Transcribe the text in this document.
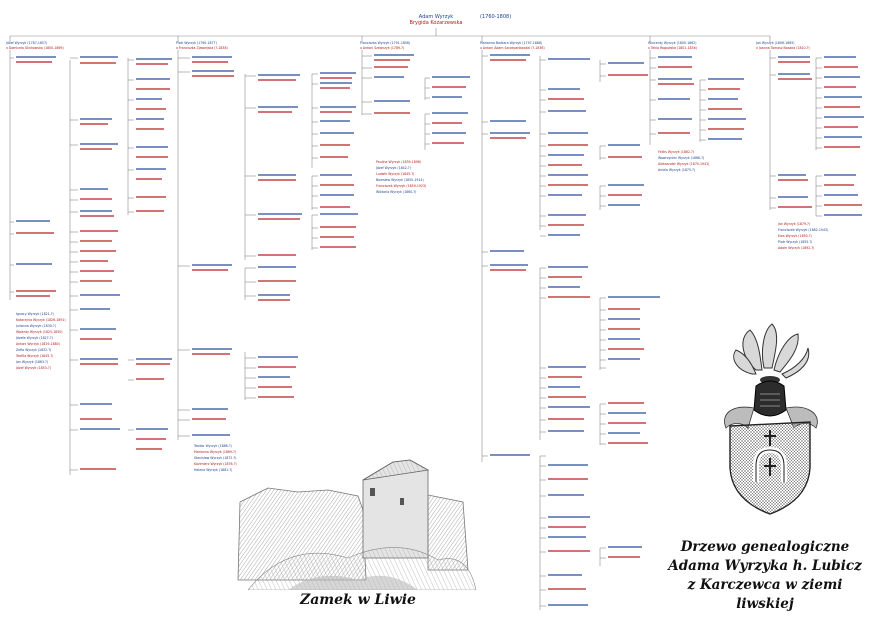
Adam Wyrzyk
Brygida Kozarzewska
(1760-1808)
Józef Wyrzyk (1787-1857)
x Domicela Glinkowska (1800-1869)
Piotr Wyrzyk (1790-1877)
x Franciszka Zjawiejska (?-1838)
Franciszka Wyrzyk (1791-1856)
x Antoni Szewczyk (1789-?)
Marianna Barbara Wyrzyk (1797-1868)
x Antoni Adam Szczepankowski (?-1836)
Wincenty Wyrzyk (1800-1862)
x Tekla Rogowska (1801-1836)
Jan Wyrzyk (1806-1885)
x Joanna Tomasz Nosaka (1810-?)
Ignacy Wyrzyk (1821-?)
Katarzyna Wyrzyk (1826-1891)
Julianna Wyrzyk (1830-?)
Walenty Wyrzyk (1825-1850)
Józefa Wyrzyk (1827-?)
Antoni Wyrzyk (1829-1880)
Zofia Wyrzyk (1832-?)
Teofila Wyrzyk (1845-?)
Jan Wyrzyk (1863-?)
Józef Wyrzyk (1853-?)
Teodor Wyrzyk (1866-?)
Marianna Wyrzyk (1869-?)
Stanisław Wyrzyk (1872-?)
Kazimierz Wyrzyk (1876-?)
Helena Wyrzyk (1881-?)
Paulina Wyrzyk (1839-1898)
Józef Wyrzyk (1842-?)
Ludwik Wyrzyk (1845-?)
Bolesław Wyrzyk (1855-1914)
Franciszek Wyrzyk (1859-1923)
Wiktoria Wyrzyk (1860-?)
Feliks Wyrzyk (1862-?)
Wawrzyniec Wyrzyk (1866-?)
Aleksander Wyrzyk (1870-1941)
Aniela Wyrzyk (1875-?)
Jan Wyrzyk (1879-?)
Franciszek Wyrzyk (1882-1943)
Ewa Wyrzyk (1850-?)
Piotr Wyrzyk (1855-?)
Adam Wyrzyk (1892-?)
Zamek w Liwie
Drzewo genealogiczne
Adama Wyrzyka h. Lubicz
z Karczewca w ziemi liwskiej
